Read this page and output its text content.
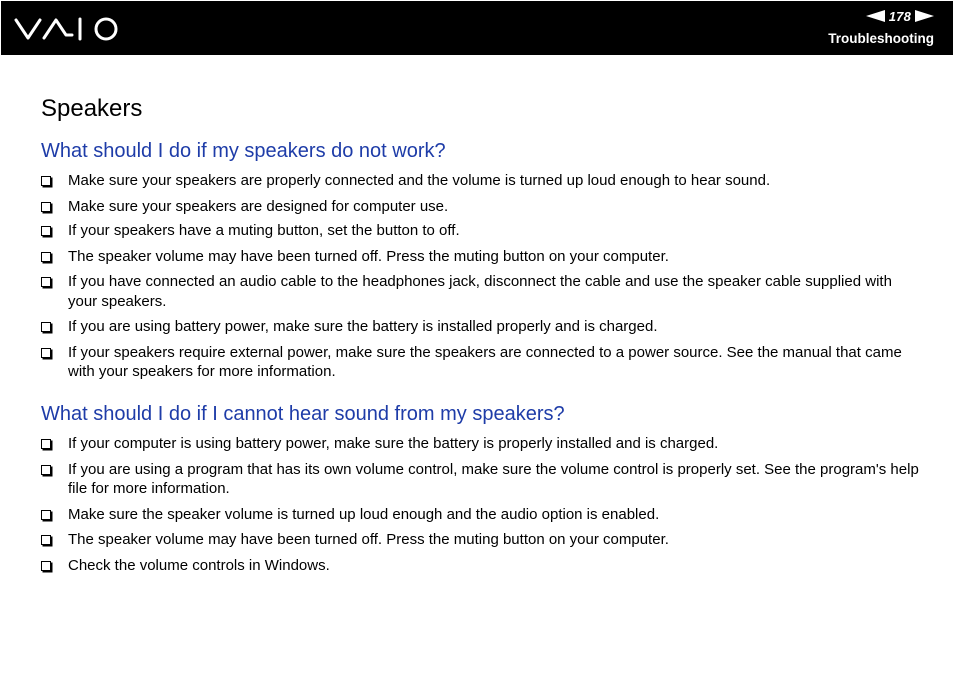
178
Troubleshooting
Speakers
What should I do if my speakers do not work?
Make sure your speakers are properly connected and the volume is turned up loud enough to hear sound.
Make sure your speakers are designed for computer use.
If your speakers have a muting button, set the button to off.
The speaker volume may have been turned off. Press the muting button on your computer.
If you have connected an audio cable to the headphones jack, disconnect the cable and use the speaker cable supplied with your speakers.
If you are using battery power, make sure the battery is installed properly and is charged.
If your speakers require external power, make sure the speakers are connected to a power source. See the manual that came with your speakers for more information.
What should I do if I cannot hear sound from my speakers?
If your computer is using battery power, make sure the battery is properly installed and is charged.
If you are using a program that has its own volume control, make sure the volume control is properly set. See the program's help file for more information.
Make sure the speaker volume is turned up loud enough and the audio option is enabled.
The speaker volume may have been turned off. Press the muting button on your computer.
Check the volume controls in Windows.
